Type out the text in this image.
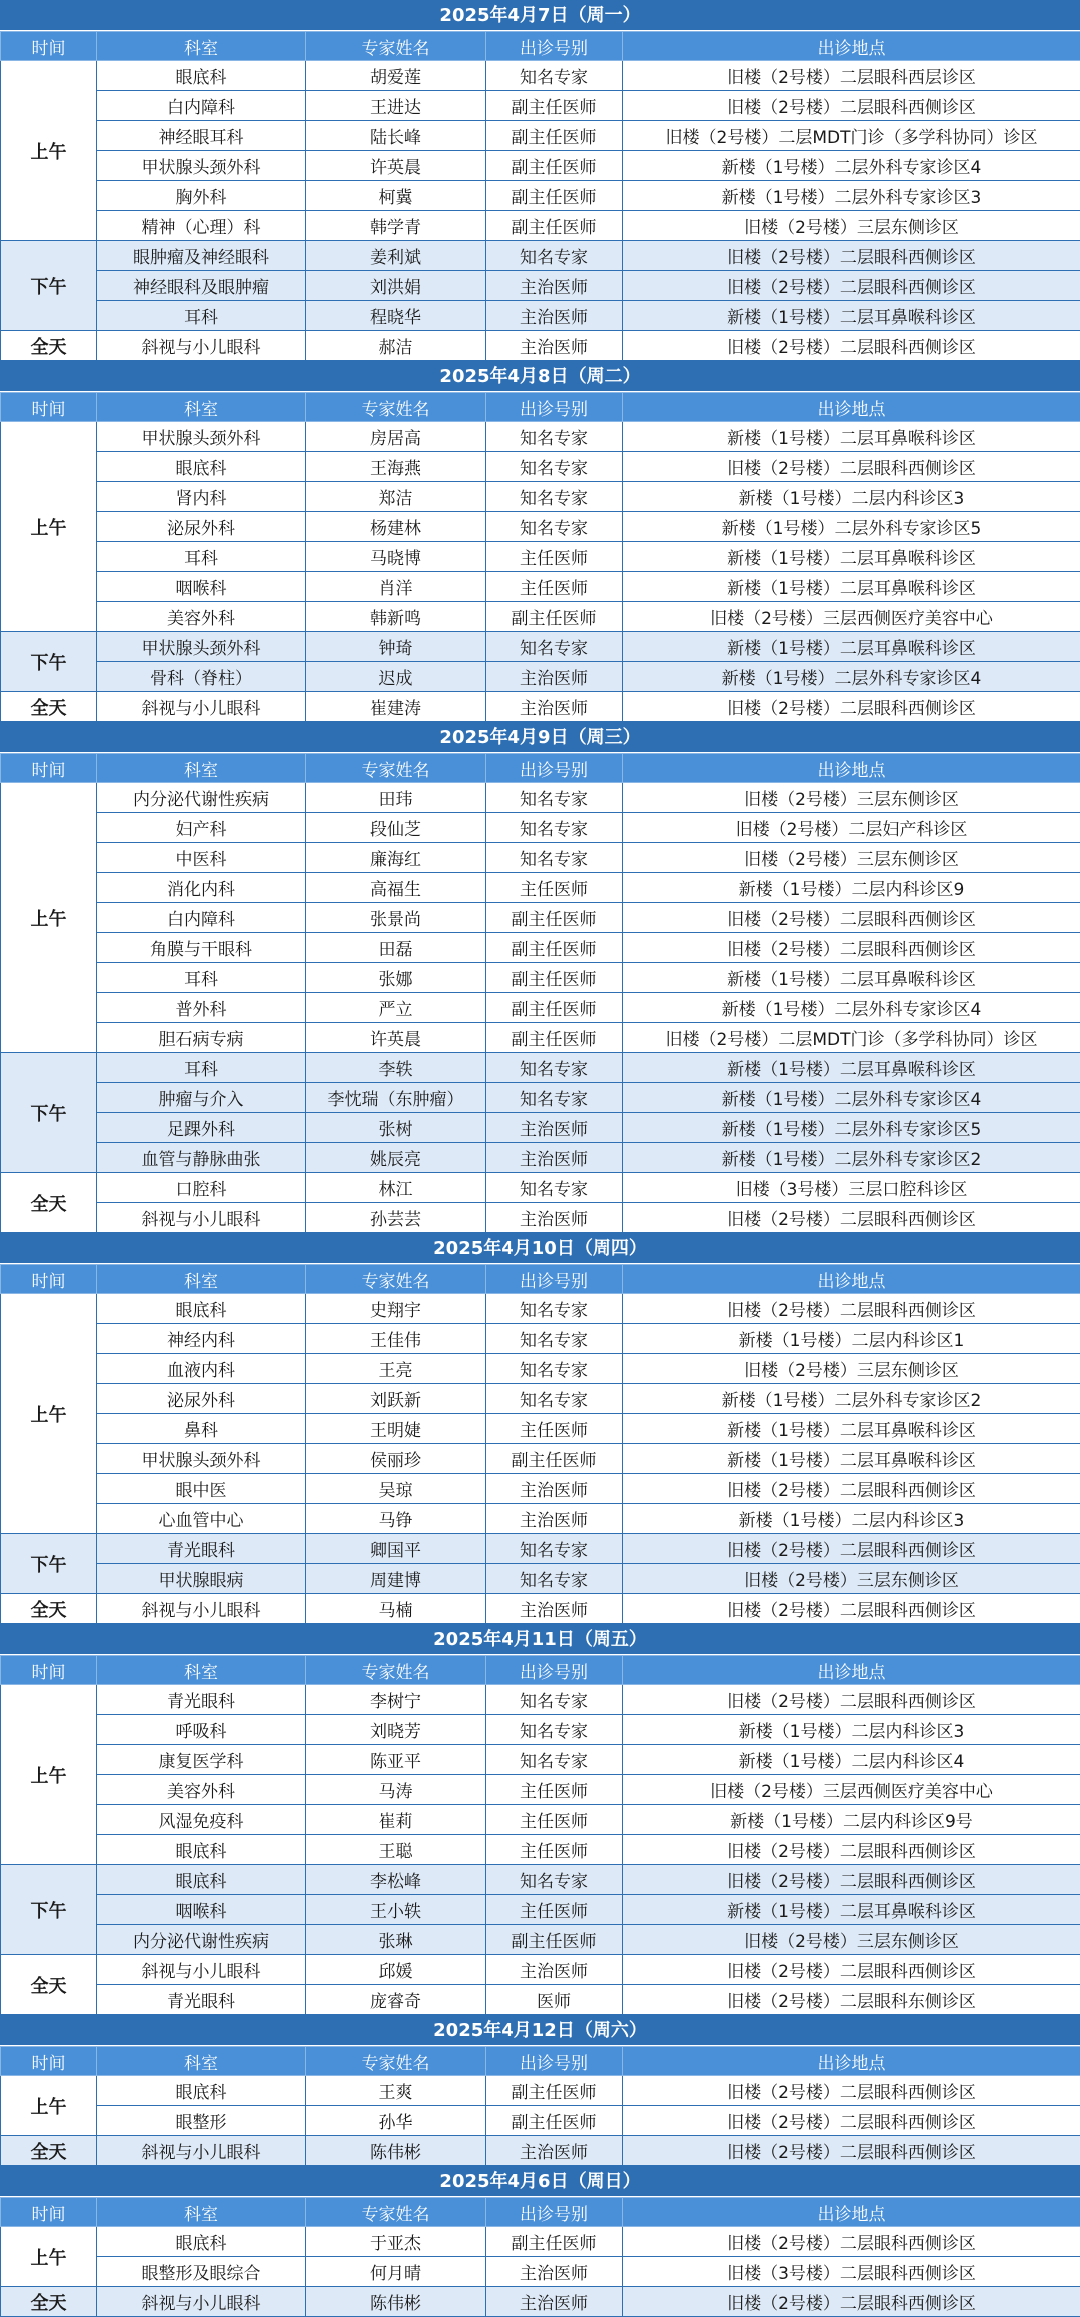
2025年4月7日（周一）
时间	科室	专家姓名	出诊号别	出诊地点
上午	眼底科	胡爱莲	知名专家	旧楼（2号楼）二层眼科西层诊区
	白内障科	王进达	副主任医师	旧楼（2号楼）二层眼科西侧诊区
	神经眼耳科	陆长峰	副主任医师	旧楼（2号楼）二层MDT门诊（多学科协同）诊区
	甲状腺头颈外科	许英晨	副主任医师	新楼（1号楼）二层外科专家诊区4
	胸外科	柯冀	副主任医师	新楼（1号楼）二层外科专家诊区3
	精神（心理）科	韩学青	副主任医师	旧楼（2号楼）三层东侧诊区
下午	眼肿瘤及神经眼科	姜利斌	知名专家	旧楼（2号楼）二层眼科西侧诊区
	神经眼科及眼肿瘤	刘洪娟	主治医师	旧楼（2号楼）二层眼科西侧诊区
	耳科	程晓华	主治医师	新楼（1号楼）二层耳鼻喉科诊区
全天	斜视与小儿眼科	郝洁	主治医师	旧楼（2号楼）二层眼科西侧诊区
2025年4月8日（周二）
时间	科室	专家姓名	出诊号别	出诊地点
上午	甲状腺头颈外科	房居高	知名专家	新楼（1号楼）二层耳鼻喉科诊区
	眼底科	王海燕	知名专家	旧楼（2号楼）二层眼科西侧诊区
	肾内科	郑洁	知名专家	新楼（1号楼）二层内科诊区3
	泌尿外科	杨建林	知名专家	新楼（1号楼）二层外科专家诊区5
	耳科	马晓博	主任医师	新楼（1号楼）二层耳鼻喉科诊区
	咽喉科	肖洋	主任医师	新楼（1号楼）二层耳鼻喉科诊区
	美容外科	韩新鸣	副主任医师	旧楼（2号楼）三层西侧医疗美容中心
下午	甲状腺头颈外科	钟琦	知名专家	新楼（1号楼）二层耳鼻喉科诊区
	骨科（脊柱）	迟成	主治医师	新楼（1号楼）二层外科专家诊区4
全天	斜视与小儿眼科	崔建涛	主治医师	旧楼（2号楼）二层眼科西侧诊区
2025年4月9日（周三）
时间	科室	专家姓名	出诊号别	出诊地点
上午	内分泌代谢性疾病	田玮	知名专家	旧楼（2号楼）三层东侧诊区
	妇产科	段仙芝	知名专家	旧楼（2号楼）二层妇产科诊区
	中医科	廉海红	知名专家	旧楼（2号楼）三层东侧诊区
	消化内科	高福生	主任医师	新楼（1号楼）二层内科诊区9
	白内障科	张景尚	副主任医师	旧楼（2号楼）二层眼科西侧诊区
	角膜与干眼科	田磊	副主任医师	旧楼（2号楼）二层眼科西侧诊区
	耳科	张娜	副主任医师	新楼（1号楼）二层耳鼻喉科诊区
	普外科	严立	副主任医师	新楼（1号楼）二层外科专家诊区4
	胆石病专病	许英晨	副主任医师	旧楼（2号楼）二层MDT门诊（多学科协同）诊区
下午	耳科	李轶	知名专家	新楼（1号楼）二层耳鼻喉科诊区
	肿瘤与介入	李忱瑞（东肿瘤）	知名专家	新楼（1号楼）二层外科专家诊区4
	足踝外科	张树	主治医师	新楼（1号楼）二层外科专家诊区5
	血管与静脉曲张	姚辰亮	主治医师	新楼（1号楼）二层外科专家诊区2
全天	口腔科	林江	知名专家	旧楼（3号楼）三层口腔科诊区
	斜视与小儿眼科	孙芸芸	主治医师	旧楼（2号楼）二层眼科西侧诊区
2025年4月10日（周四）
时间	科室	专家姓名	出诊号别	出诊地点
上午	眼底科	史翔宇	知名专家	旧楼（2号楼）二层眼科西侧诊区
	神经内科	王佳伟	知名专家	新楼（1号楼）二层内科诊区1
	血液内科	王亮	知名专家	旧楼（2号楼）三层东侧诊区
	泌尿外科	刘跃新	知名专家	新楼（1号楼）二层外科专家诊区2
	鼻科	王明婕	主任医师	新楼（1号楼）二层耳鼻喉科诊区
	甲状腺头颈外科	侯丽珍	副主任医师	新楼（1号楼）二层耳鼻喉科诊区
	眼中医	吴琼	主治医师	旧楼（2号楼）二层眼科西侧诊区
	心血管中心	马铮	主治医师	新楼（1号楼）二层内科诊区3
下午	青光眼科	卿国平	知名专家	旧楼（2号楼）二层眼科西侧诊区
	甲状腺眼病	周建博	知名专家	旧楼（2号楼）三层东侧诊区
全天	斜视与小儿眼科	马楠	主治医师	旧楼（2号楼）二层眼科西侧诊区
2025年4月11日（周五）
时间	科室	专家姓名	出诊号别	出诊地点
上午	青光眼科	李树宁	知名专家	旧楼（2号楼）二层眼科西侧诊区
	呼吸科	刘晓芳	知名专家	新楼（1号楼）二层内科诊区3
	康复医学科	陈亚平	知名专家	新楼（1号楼）二层内科诊区4
	美容外科	马涛	主任医师	旧楼（2号楼）三层西侧医疗美容中心
	风湿免疫科	崔莉	主任医师	新楼（1号楼）二层内科诊区9号
	眼底科	王聪	主任医师	旧楼（2号楼）二层眼科西侧诊区
下午	眼底科	李松峰	知名专家	旧楼（2号楼）二层眼科西侧诊区
	咽喉科	王小轶	主任医师	新楼（1号楼）二层耳鼻喉科诊区
	内分泌代谢性疾病	张琳	副主任医师	旧楼（2号楼）三层东侧诊区
全天	斜视与小儿眼科	邱媛	主治医师	旧楼（2号楼）二层眼科西侧诊区
	青光眼科	庞睿奇	医师	旧楼（2号楼）二层眼科东侧诊区
2025年4月12日（周六）
时间	科室	专家姓名	出诊号别	出诊地点
上午	眼底科	王爽	副主任医师	旧楼（2号楼）二层眼科西侧诊区
	眼整形	孙华	副主任医师	旧楼（2号楼）二层眼科西侧诊区
全天	斜视与小儿眼科	陈伟彬	主治医师	旧楼（2号楼）二层眼科西侧诊区
2025年4月6日（周日）
时间	科室	专家姓名	出诊号别	出诊地点
上午	眼底科	于亚杰	副主任医师	旧楼（2号楼）二层眼科西侧诊区
	眼整形及眼综合	何月晴	主治医师	旧楼（3号楼）二层眼科西侧诊区
全天	斜视与小儿眼科	陈伟彬	主治医师	旧楼（2号楼）二层眼科西侧诊区
